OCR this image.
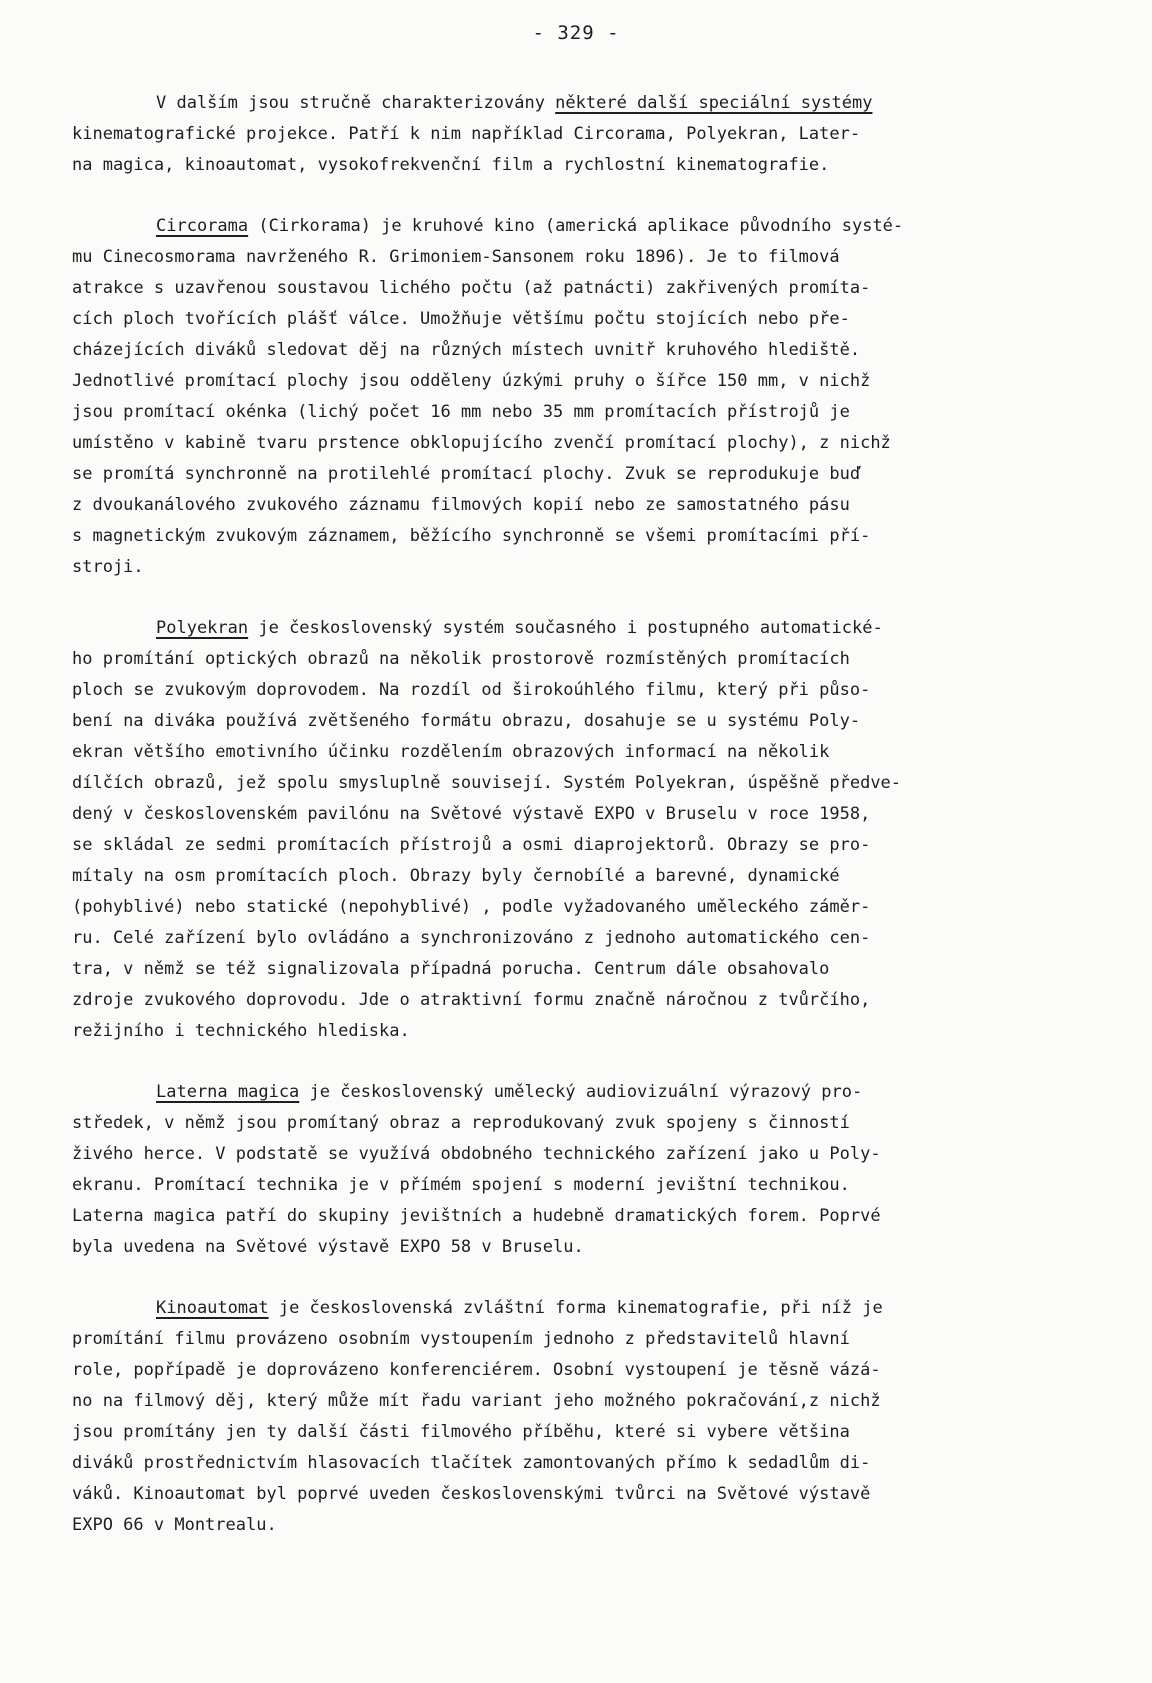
- 329 -
V dalším jsou stručně charakterizovány některé další speciální systémy
kinematografické projekce. Patří k nim například Circorama, Polyekran, Later-
na magica, kinoautomat, vysokofrekvenční film a rychlostní kinematografie.
Circorama (Cirkorama) je kruhové kino (americká aplikace původního systé-
mu Cinecosmorama navrženého R. Grimoniem-Sansonem roku 1896). Je to filmová
atrakce s uzavřenou soustavou lichého počtu (až patnácti) zakřivených promíta-
cích ploch tvořících plášť válce. Umožňuje většímu počtu stojících nebo pře-
cházejících diváků sledovat děj na různých místech uvnitř kruhového hlediště.
Jednotlivé promítací plochy jsou odděleny úzkými pruhy o šířce 150 mm, v nichž
jsou promítací okénka (lichý počet 16 mm nebo 35 mm promítacích přístrojů je
umístěno v kabině tvaru prstence obklopujícího zvenčí promítací plochy), z nichž
se promítá synchronně na protilehlé promítací plochy. Zvuk se reprodukuje buď
z dvoukanálového zvukového záznamu filmových kopií nebo ze samostatného pásu
s magnetickým zvukovým záznamem, běžícího synchronně se všemi promítacími pří-
stroji.
Polyekran je československý systém současného i postupného automatické-
ho promítání optických obrazů na několik prostorově rozmístěných promítacích
ploch se zvukovým doprovodem. Na rozdíl od širokoúhlého filmu, který při půso-
bení na diváka používá zvětšeného formátu obrazu, dosahuje se u systému Poly-
ekran většího emotivního účinku rozdělením obrazových informací na několik
dílčích obrazů, jež spolu smysluplně souvisejí. Systém Polyekran, úspěšně předve-
dený v československém pavilónu na Světové výstavě EXPO v Bruselu v roce 1958,
se skládal ze sedmi promítacích přístrojů a osmi diaprojektorů. Obrazy se pro-
mítaly na osm promítacích ploch. Obrazy byly černobílé a barevné, dynamické
(pohyblivé) nebo statické (nepohyblivé) , podle vyžadovaného uměleckého záměr-
ru. Celé zařízení bylo ovládáno a synchronizováno z jednoho automatického cen-
tra, v němž se též signalizovala případná porucha. Centrum dále obsahovalo
zdroje zvukového doprovodu. Jde o atraktivní formu značně náročnou z tvůrčího,
režijního i technického hlediska.
Laterna magica je československý umělecký audiovizuální výrazový pro-
středek, v němž jsou promítaný obraz a reprodukovaný zvuk spojeny s činností
živého herce. V podstatě se využívá obdobného technického zařízení jako u Poly-
ekranu. Promítací technika je v přímém spojení s moderní jevištní technikou.
Laterna magica patří do skupiny jevištních a hudebně dramatických forem. Poprvé
byla uvedena na Světové výstavě EXPO 58 v Bruselu.
Kinoautomat je československá zvláštní forma kinematografie, při níž je
promítání filmu provázeno osobním vystoupením jednoho z představitelů hlavní
role, popřípadě je doprovázeno konferenciérem. Osobní vystoupení je těsně vázá-
no na filmový děj, který může mít řadu variant jeho možného pokračování,z nichž
jsou promítány jen ty další části filmového příběhu, které si vybere většina
diváků prostřednictvím hlasovacích tlačítek zamontovaných přímo k sedadlům di-
váků. Kinoautomat byl poprvé uveden československými tvůrci na Světové výstavě
EXPO 66 v Montrealu.
